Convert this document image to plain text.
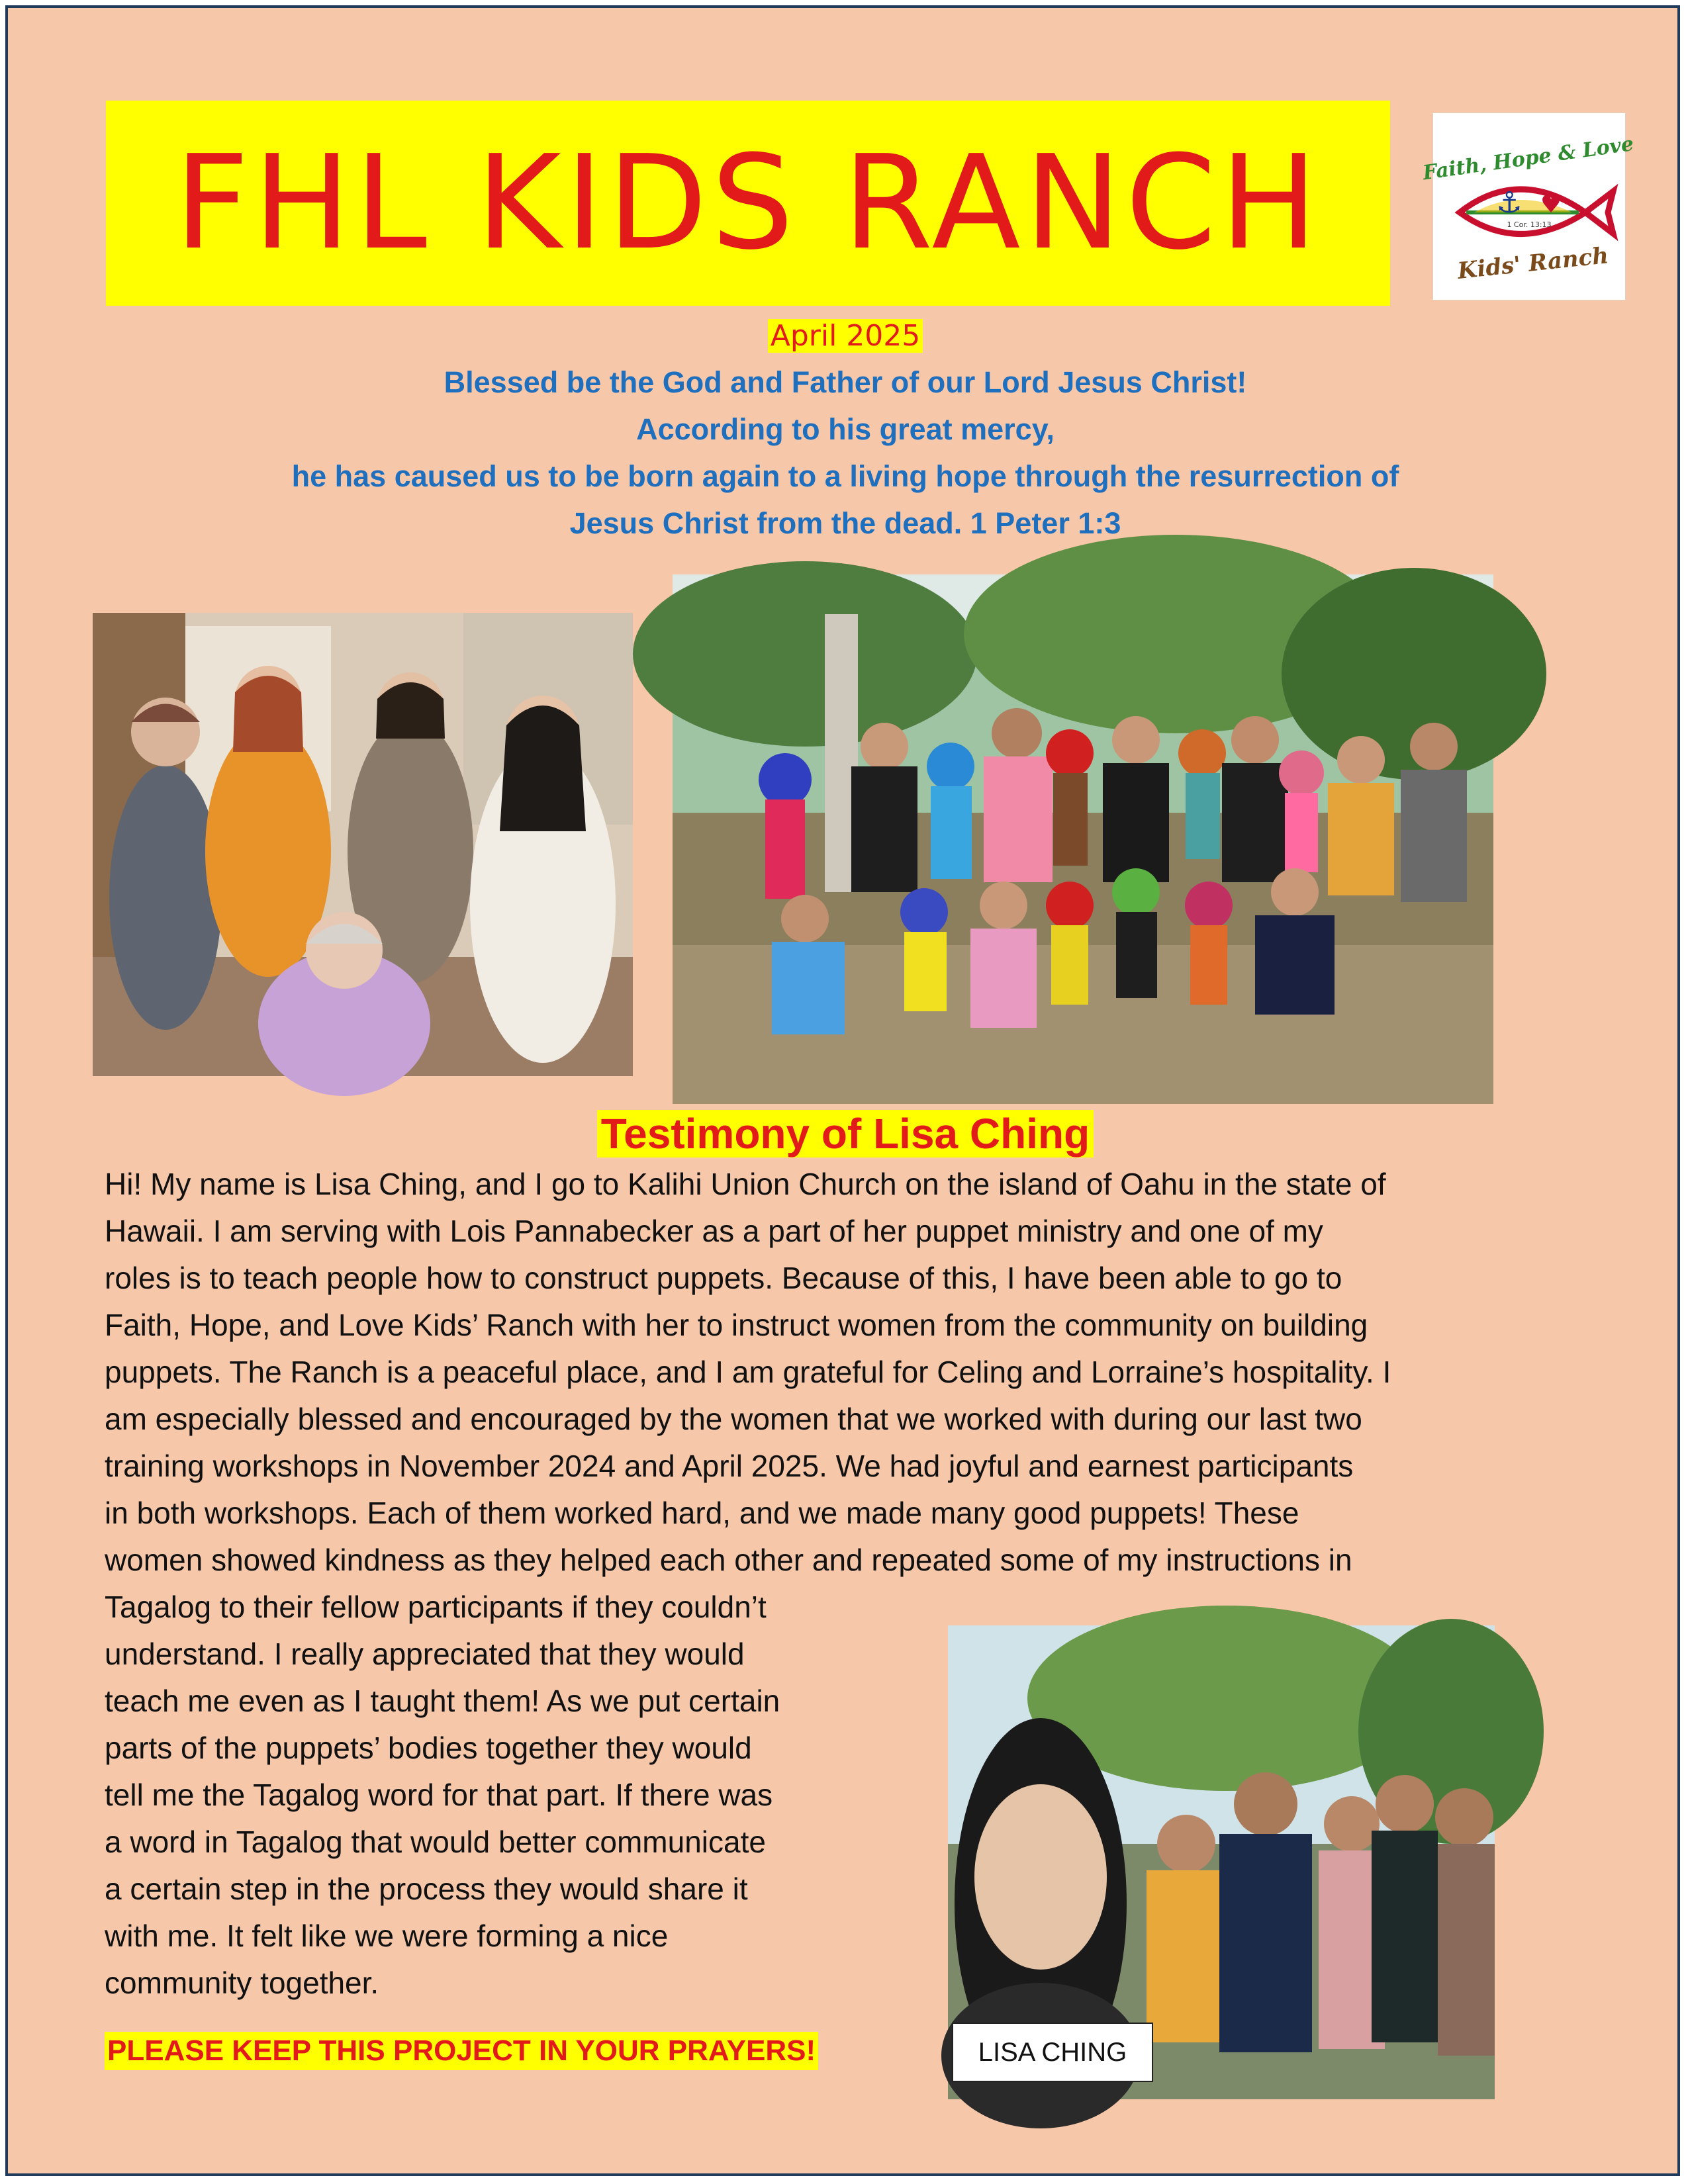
FHL KIDS RANCH	Faith, Hope & Love
⚓ ♥
1 Cor. 13:13
Kids' Ranch
April 2025
Blessed be the God and Father of our Lord Jesus Christ!
According to his great mercy,
he has caused us to be born again to a living hope through the resurrection of
Jesus Christ from the dead. 1 Peter 1:3
Testimony of Lisa Ching
Hi! My name is Lisa Ching, and I go to Kalihi Union Church on the island of Oahu in the state of
Hawaii. I am serving with Lois Pannabecker as a part of her puppet ministry and one of my
roles is to teach people how to construct puppets. Because of this, I have been able to go to
Faith, Hope, and Love Kids’ Ranch with her to instruct women from the community on building
puppets. The Ranch is a peaceful place, and I am grateful for Celing and Lorraine’s hospitality. I
am especially blessed and encouraged by the women that we worked with during our last two
training workshops in November 2024 and April 2025. We had joyful and earnest participants
in both workshops. Each of them worked hard, and we made many good puppets! These
women showed kindness as they helped each other and repeated some of my instructions in
Tagalog to their fellow participants if they couldn’t
understand. I really appreciated that they would
teach me even as I taught them! As we put certain
parts of the puppets’ bodies together they would
tell me the Tagalog word for that part. If there was
a word in Tagalog that would better communicate
a certain step in the process they would share it
with me. It felt like we were forming a nice
community together.
PLEASE KEEP THIS PROJECT IN YOUR PRAYERS!	LISA CHING
